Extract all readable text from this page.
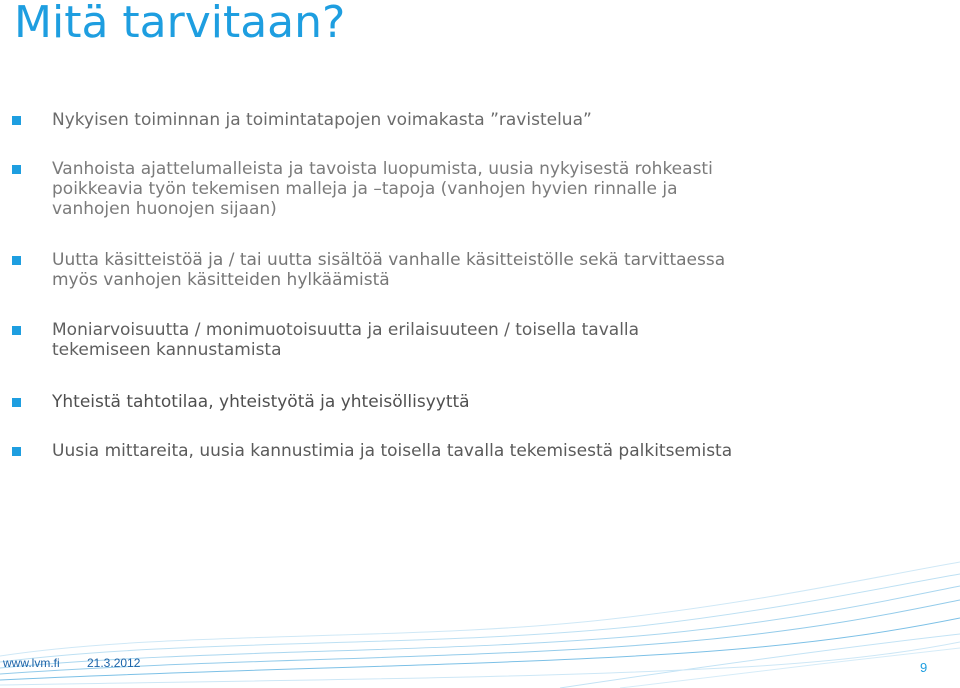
Mitä tarvitaan?
Nykyisen toiminnan ja toimintatapojen voimakasta ”ravistelua”
Vanhoista ajattelumalleista ja tavoista luopumista, uusia nykyisestä rohkeasti
poikkeavia työn tekemisen malleja ja –tapoja (vanhojen hyvien rinnalle ja
vanhojen huonojen sijaan)
Uutta käsitteistöä ja / tai uutta sisältöä vanhalle käsitteistölle sekä tarvittaessa
myös vanhojen käsitteiden hylkäämistä
Moniarvoisuutta / monimuotoisuutta ja erilaisuuteen / toisella tavalla
tekemiseen kannustamista
Yhteistä tahtotilaa, yhteistyötä ja yhteisöllisyyttä
Uusia mittareita, uusia kannustimia ja toisella tavalla tekemisestä palkitsemista
www.lvm.fi 21.3.2012	9
